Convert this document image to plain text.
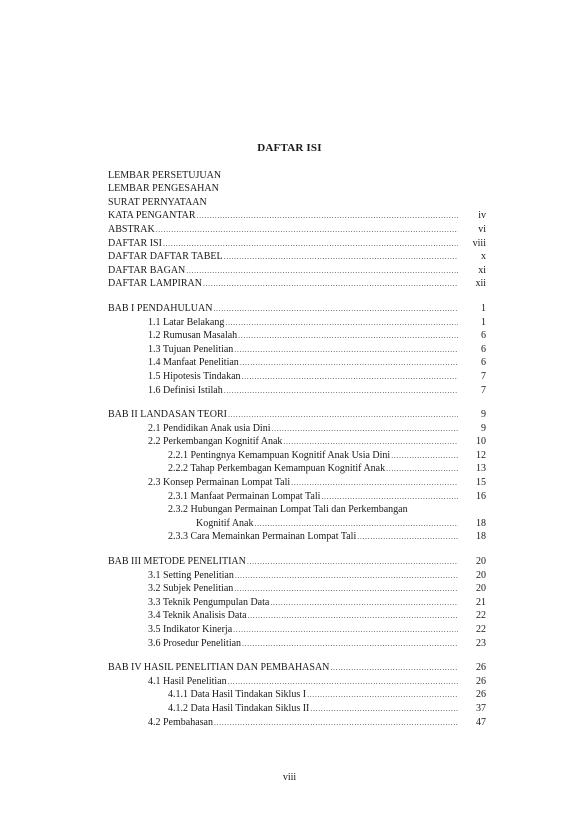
DAFTAR ISI
LEMBAR PERSETUJUAN
LEMBAR PENGESAHAN
SURAT PERNYATAAN
KATA PENGANTAR .....	iv
ABSTRAK .....	vi
DAFTAR ISI .....	viii
DAFTAR DAFTAR TABEL .....	x
DAFTAR BAGAN .....	xi
DAFTAR LAMPIRAN .....	xii
BAB I PENDAHULUAN .....	1
1.1 Latar Belakang .....	1
1.2 Rumusan Masalah .....	6
1.3 Tujuan Penelitian .....	6
1.4 Manfaat Penelitian .....	6
1.5 Hipotesis Tindakan .....	7
1.6 Definisi Istilah .....	7
BAB II LANDASAN TEORI .....	9
2.1 Pendidikan Anak usia Dini .....	9
2.2 Perkembangan Kognitif Anak .....	10
2.2.1 Pentingnya Kemampuan Kognitif Anak Usia Dini .....	12
2.2.2 Tahap Perkembagan Kemampuan Kognitif Anak .....	13
2.3 Konsep Permainan Lompat Tali .....	15
2.3.1 Manfaat Permainan Lompat Tali .....	16
2.3.2 Hubungan Permainan Lompat Tali dan Perkembangan
Kognitif Anak .....	18
2.3.3 Cara Memainkan Permainan Lompat Tali .....	18
BAB III METODE PENELITIAN .....	20
3.1 Setting Penelitian .....	20
3.2 Subjek Penelitian .....	20
3.3 Teknik Pengumpulan Data .....	21
3.4 Teknik Analisis Data .....	22
3.5 Indikator Kinerja .....	22
3.6 Prosedur Penelitian .....	23
BAB IV HASIL PENELITIAN DAN PEMBAHASAN .....	26
4.1 Hasil Penelitian .....	26
4.1.1 Data Hasil Tindakan Siklus I .....	26
4.1.2 Data Hasil Tindakan Siklus II .....	37
4.2 Pembahasan .....	47
viii
